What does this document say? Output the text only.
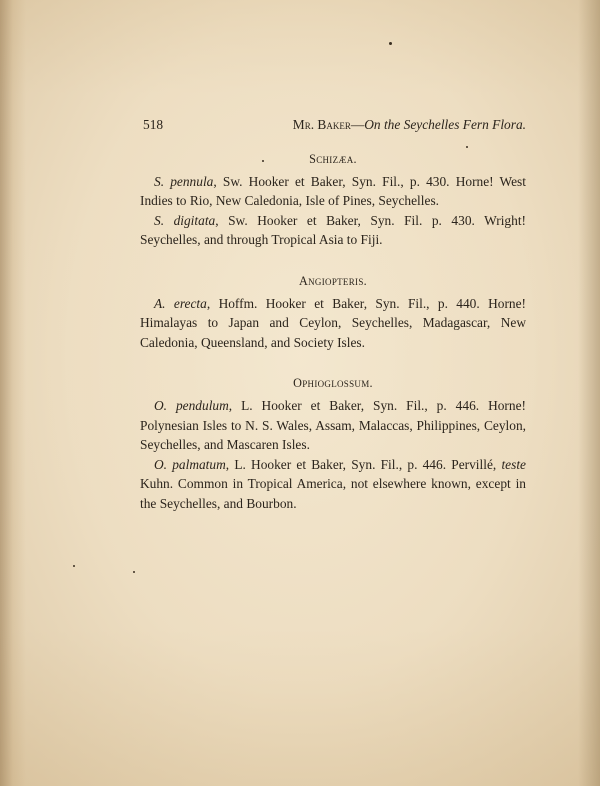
518	Mr. Baker—On the Seychelles Fern Flora.
Schizæa.

S. pennula, Sw. Hooker et Baker, Syn. Fil., p. 430. Horne! West Indies to Rio, New Caledonia, Isle of Pines, Seychelles.

S. digitata, Sw. Hooker et Baker, Syn. Fil. p. 430. Wright! Seychelles, and through Tropical Asia to Fiji.

Angiopteris.

A. erecta, Hoffm. Hooker et Baker, Syn. Fil., p. 440. Horne! Himalayas to Japan and Ceylon, Seychelles, Madagascar, New Caledonia, Queensland, and Society Isles.

Ophioglossum.

O. pendulum, L. Hooker et Baker, Syn. Fil., p. 446. Horne! Polynesian Isles to N. S. Wales, Assam, Malaccas, Philippines, Ceylon, Seychelles, and Mascaren Isles.

O. palmatum, L. Hooker et Baker, Syn. Fil., p. 446. Pervillé, teste Kuhn. Common in Tropical America, not elsewhere known, except in the Seychelles, and Bourbon.
